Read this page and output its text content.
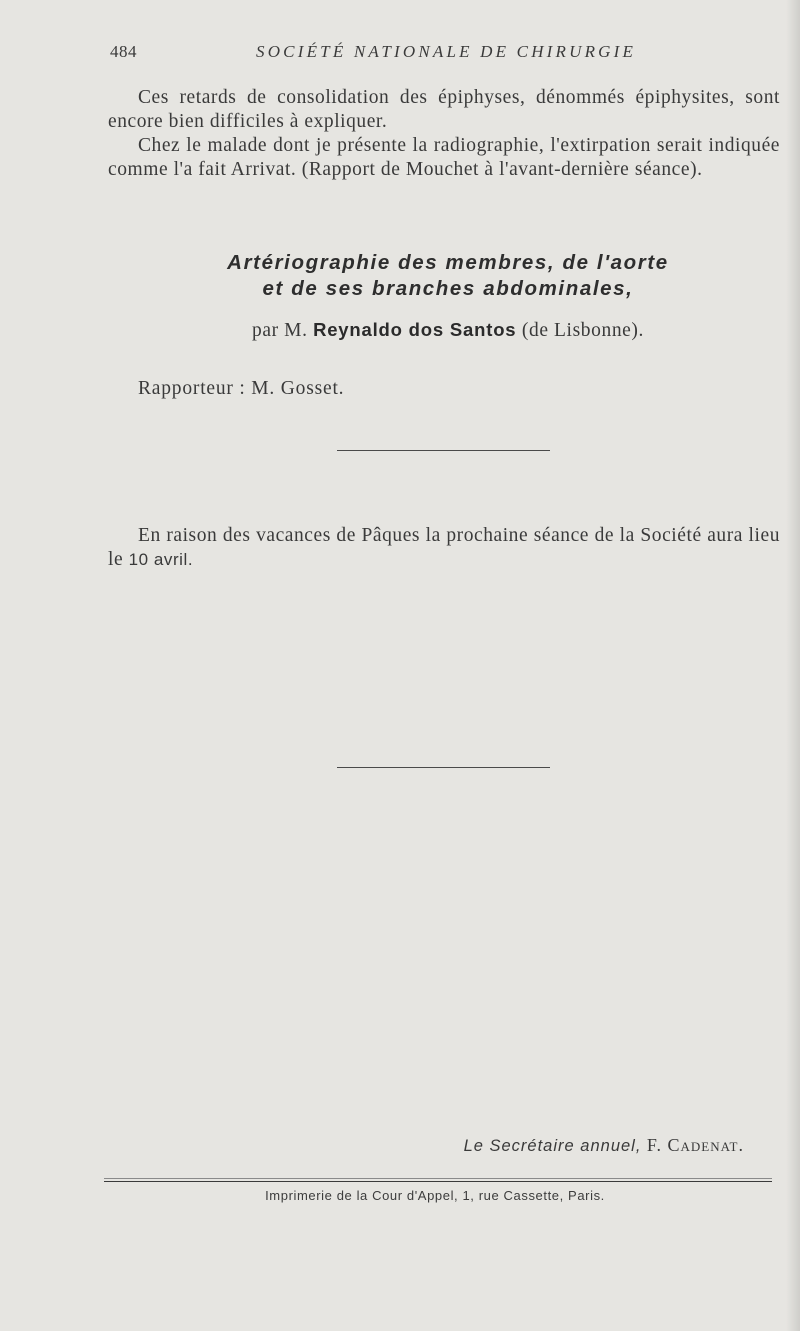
484	SOCIÉTÉ NATIONALE DE CHIRURGIE

Ces retards de consolidation des épiphyses, dénommés épiphysites, sont encore bien difficiles à expliquer.

Chez le malade dont je présente la radiographie, l'extirpation serait indiquée comme l'a fait Arrivat. (Rapport de Mouchet à l'avant-dernière séance).

Artériographie des membres, de l'aorte
et de ses branches abdominales,
par M. Reynaldo dos Santos (de Lisbonne).
Rapporteur : M. Gosset.

En raison des vacances de Pâques la prochaine séance de la Société aura lieu le 10 avril.

Le Secrétaire annuel, F. Cadenat.
Imprimerie de la Cour d'Appel, 1, rue Cassette, Paris.
